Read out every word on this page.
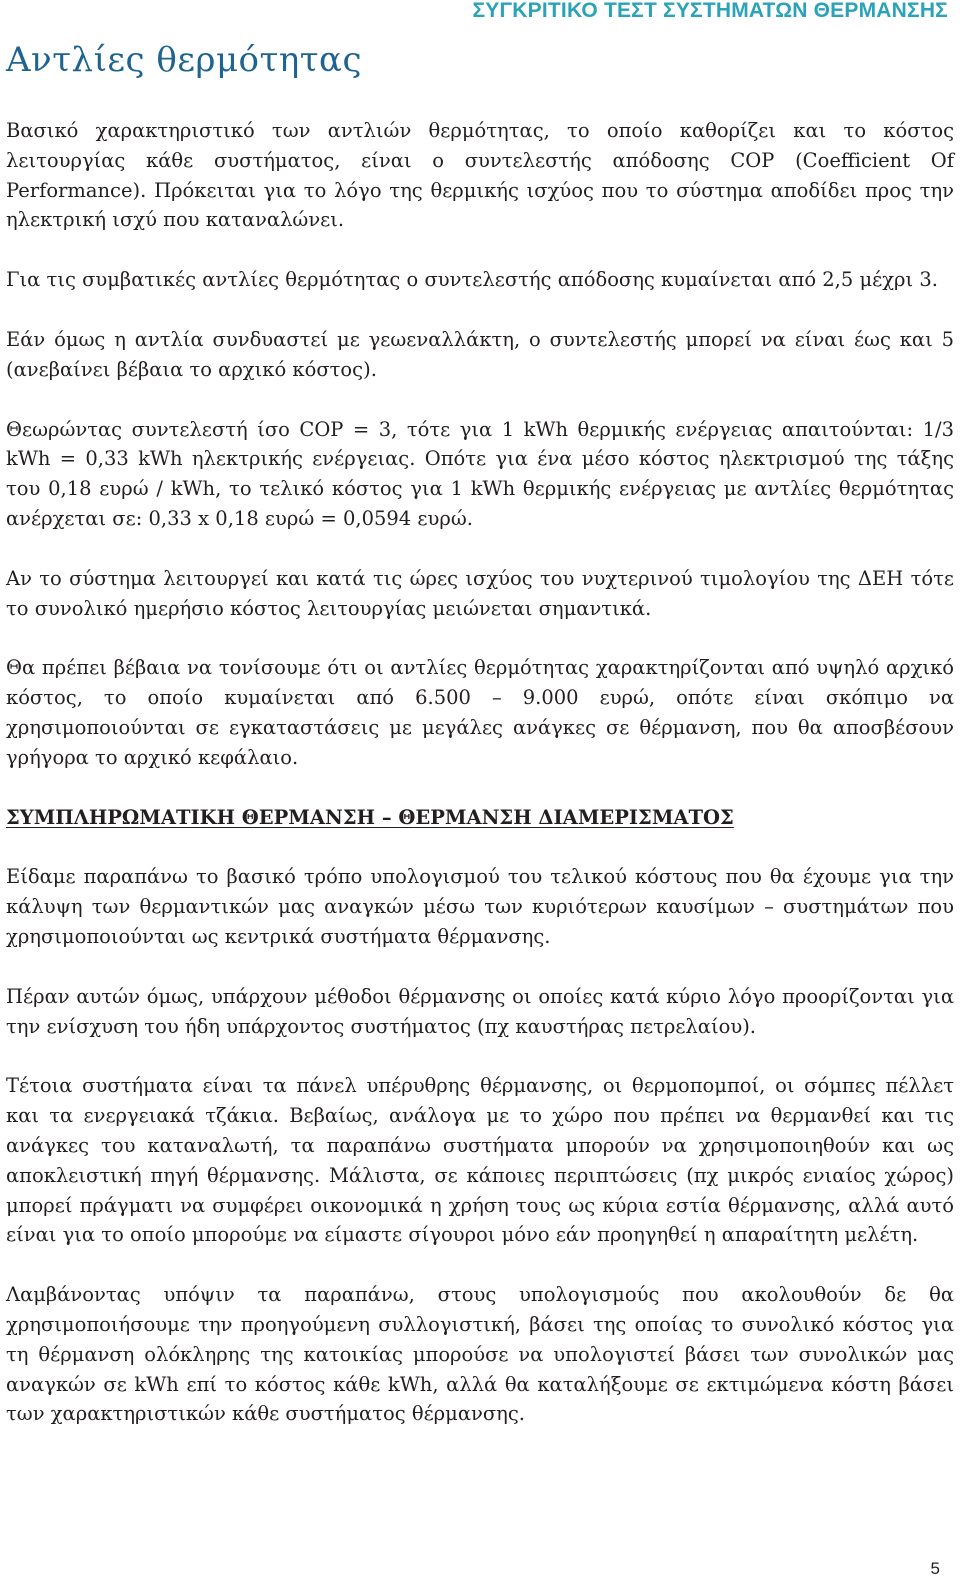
ΣΥΓΚΡΙΤΙΚΟ ΤΕΣΤ ΣΥΣΤΗΜΑΤΩΝ ΘΕΡΜΑΝΣΗΣ
Αντλίες θερμότητας

Βασικό χαρακτηριστικό των αντλιών θερμότητας, το οποίο καθορίζει και το κόστος λειτουργίας κάθε συστήματος, είναι ο συντελεστής απόδοσης COP (Coefficient Of Performance). Πρόκειται για το λόγο της θερμικής ισχύος που το σύστημα αποδίδει προς την ηλεκτρική ισχύ που καταναλώνει.

Για τις συμβατικές αντλίες θερμότητας ο συντελεστής απόδοσης κυμαίνεται από 2,5 μέχρι 3.

Εάν όμως η αντλία συνδυαστεί με γεωεναλλάκτη, ο συντελεστής μπορεί να είναι έως και 5 (ανεβαίνει βέβαια το αρχικό κόστος).

Θεωρώντας συντελεστή ίσο COP = 3, τότε για 1 kWh θερμικής ενέργειας απαιτούνται: 1/3 kWh = 0,33 kWh ηλεκτρικής ενέργειας. Οπότε για ένα μέσο κόστος ηλεκτρισμού της τάξης του 0,18 ευρώ / kWh, το τελικό κόστος για 1 kWh θερμικής ενέργειας με αντλίες θερμότητας ανέρχεται σε: 0,33 x 0,18 ευρώ = 0,0594 ευρώ.

Αν το σύστημα λειτουργεί και κατά τις ώρες ισχύος του νυχτερινού τιμολογίου της ΔΕΗ τότε το συνολικό ημερήσιο κόστος λειτουργίας μειώνεται σημαντικά.

Θα πρέπει βέβαια να τονίσουμε ότι οι αντλίες θερμότητας χαρακτηρίζονται από υψηλό αρχικό κόστος, το οποίο κυμαίνεται από 6.500 – 9.000 ευρώ, οπότε είναι σκόπιμο να χρησιμοποιούνται σε εγκαταστάσεις με μεγάλες ανάγκες σε θέρμανση, που θα αποσβέσουν γρήγορα το αρχικό κεφάλαιο.

ΣΥΜΠΛΗΡΩΜΑΤΙΚΗ ΘΕΡΜΑΝΣΗ – ΘΕΡΜΑΝΣΗ ΔΙΑΜΕΡΙΣΜΑΤΟΣ

Είδαμε παραπάνω το βασικό τρόπο υπολογισμού του τελικού κόστους που θα έχουμε για την κάλυψη των θερμαντικών μας αναγκών μέσω των κυριότερων καυσίμων – συστημάτων που χρησιμοποιούνται ως κεντρικά συστήματα θέρμανσης.

Πέραν αυτών όμως, υπάρχουν μέθοδοι θέρμανσης οι οποίες κατά κύριο λόγο προορίζονται για την ενίσχυση του ήδη υπάρχοντος συστήματος (πχ καυστήρας πετρελαίου).

Τέτοια συστήματα είναι τα πάνελ υπέρυθρης θέρμανσης, οι θερμοπομποί, οι σόμπες πέλλετ και τα ενεργειακά τζάκια. Βεβαίως, ανάλογα με το χώρο που πρέπει να θερμανθεί και τις ανάγκες του καταναλωτή, τα παραπάνω συστήματα μπορούν να χρησιμοποιηθούν και ως αποκλειστική πηγή θέρμανσης. Μάλιστα, σε κάποιες περιπτώσεις (πχ μικρός ενιαίος χώρος) μπορεί πράγματι να συμφέρει οικονομικά η χρήση τους ως κύρια εστία θέρμανσης, αλλά αυτό είναι για το οποίο μπορούμε να είμαστε σίγουροι μόνο εάν προηγηθεί η απαραίτητη μελέτη.

Λαμβάνοντας υπόψιν τα παραπάνω, στους υπολογισμούς που ακολουθούν δε θα χρησιμοποιήσουμε την προηγούμενη συλλογιστική, βάσει της οποίας το συνολικό κόστος για τη θέρμανση ολόκληρης της κατοικίας μπορούσε να υπολογιστεί βάσει των συνολικών μας αναγκών σε kWh επί το κόστος κάθε kWh, αλλά θα καταλήξουμε σε εκτιμώμενα κόστη βάσει των χαρακτηριστικών κάθε συστήματος θέρμανσης.

5
